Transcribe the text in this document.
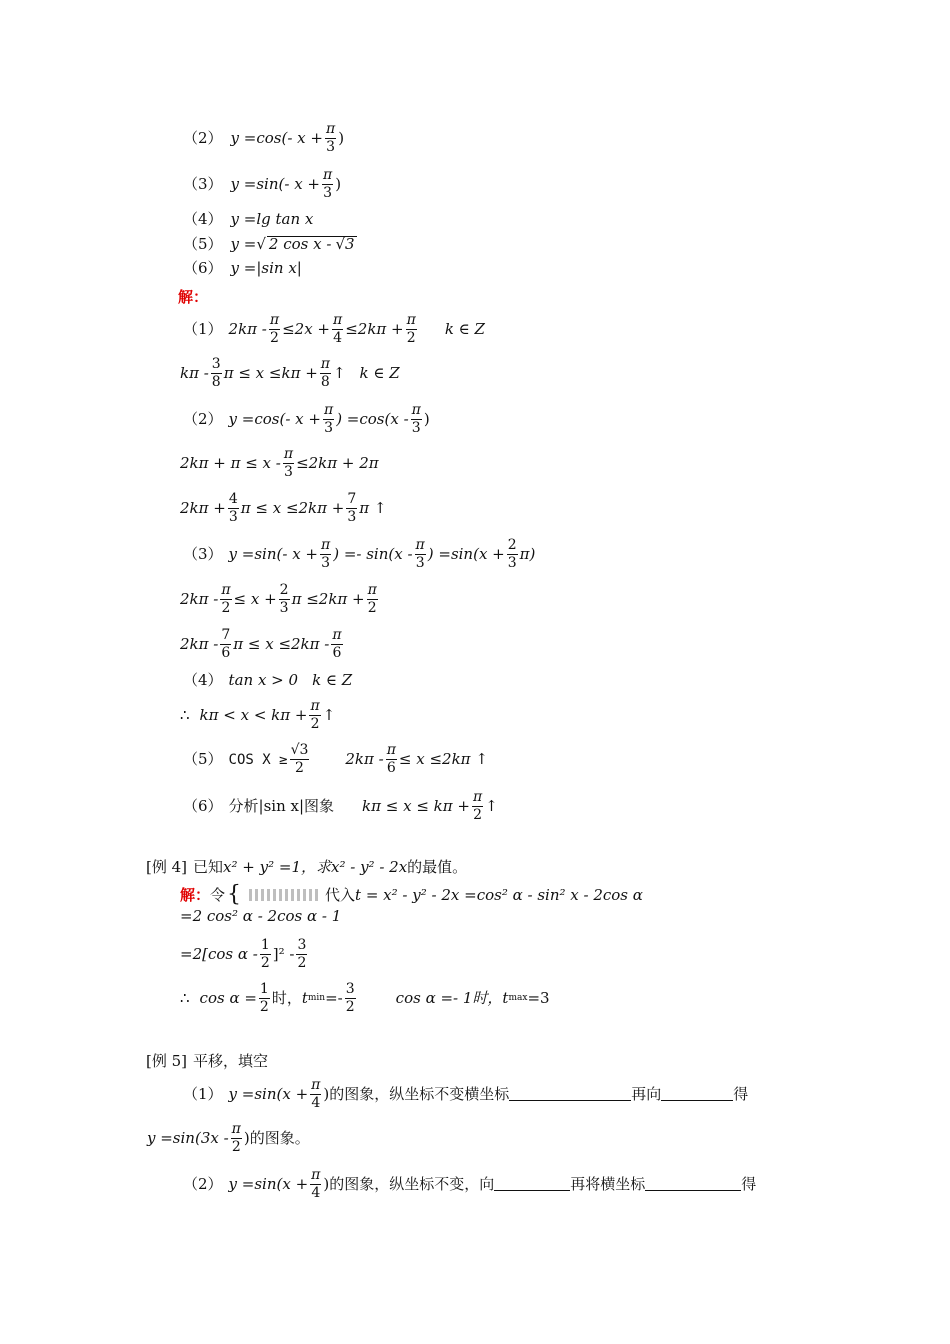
（2） y =cos(- $x + \frac{\pi}{3}$ )
（3） y =sin(- $x + \frac{\pi}{3}$ )
（4） y =lg tan x
（5） y = √ 2 cos x - √ 3
（6） y =|sin x|
解：
（1） $2k\pi - \frac{\pi}{2} \le 2x + \frac{\pi}{4} \le 2k\pi + \frac{\pi}{2}$ k ∈ Z
kπ - $\frac{3}{8}$ $\pi \le x \le k\pi + \frac{\pi}{8}$ ↑ k ∈ Z
（2） y =cos(- $x + \frac{\pi}{3}$ ) $=\cos(x - \frac{\pi}{3}$ )
$2k\pi + \pi \le x - \frac{\pi}{3} \le 2k\pi + 2\pi$
$2k\pi + \frac{4}{3}$ $\pi \le x \le 2k\pi + \frac{7}{3}$ π ↑
（3） y =sin(- $x + \frac{\pi}{3}$ ) =- $\sin(x - \frac{\pi}{3}$ ) $=\sin(x + \frac{2}{3} \pi)$
$2k\pi - \frac{\pi}{2} \le x + \frac{2}{3}$ $\pi \le 2k\pi + \frac{\pi}{2}$
$2k\pi - \frac{7}{6}$ $\pi \le x \le 2k\pi - \frac{\pi}{6}$
（4） tan x > 0 k ∈ Z
∴ $k\pi < x < k\pi + \frac{\pi}{2}$ ↑
（5） COS $X \ge \frac{√3}{2} 2k\pi - \frac{\pi}{6} \le x \le 2k\pi$ ↑
（6） 分析|sin x|图象 $k\pi \le x \le k\pi + \frac{\pi}{2}$ ↑
[例 4] 已知 x² + y² =1，求 x² - y² - 2x 的最值。
解： 令 {	代入 t = x² - y² - 2x =cos² α - sin² x - 2cos α
=2 cos² α - 2cos α - 1
=2[cos α - $\frac{1}{2} ]^2 - \frac{3}{2}$
∴ $\cos \alpha = \frac{1}{2}$ 时， t $\min =- \frac{3}{2}$	cos α =- 1时， t max =3
[例 5] 平移，填空
（1） $y =\sin(x + \frac{\pi}{4}$ )的图象，纵坐标不变横坐标	再向	得
$y =\sin(3x - \frac{\pi}{2}$ )的图象。
（2） $y =\sin(x + \frac{\pi}{4}$ )的图象，纵坐标不变，向	再将横坐标	得
